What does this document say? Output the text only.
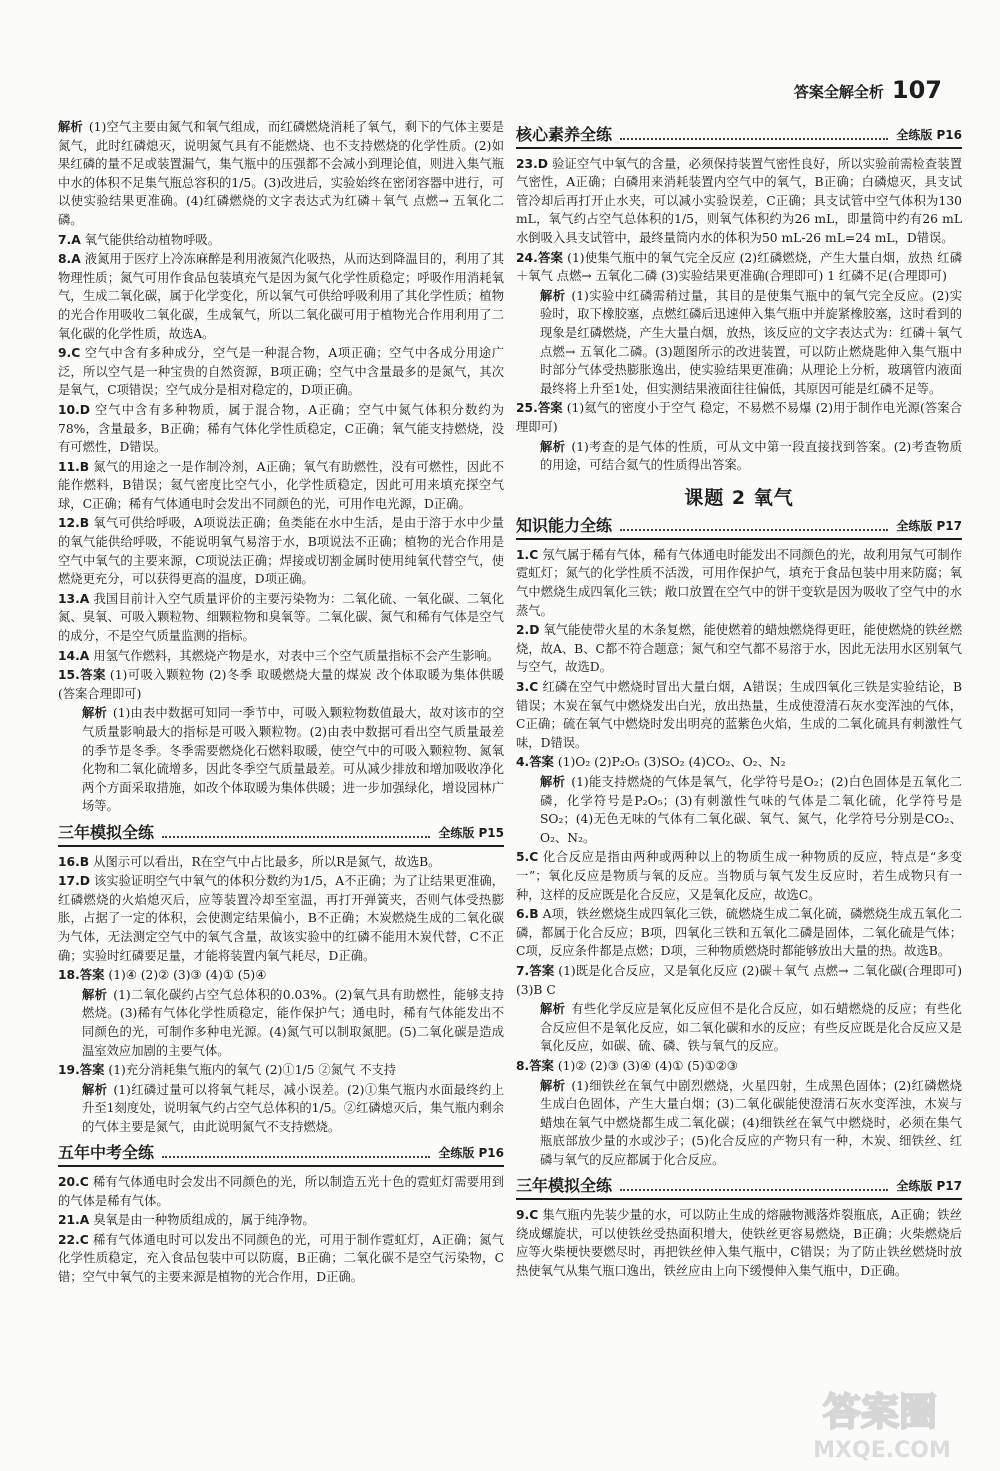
答案全解全析 107
解析 (1)空气主要由氮气和氧气组成，而红磷燃烧消耗了氧气，剩下的气体主要是氮气，此时红磷熄灭，说明氮气具有不能燃烧、也不支持燃烧的化学性质。(2)如果红磷的量不足或装置漏气，集气瓶中的压强都不会减小到理论值，则进入集气瓶中水的体积不足集气瓶总容积的1/5。(3)改进后，实验始终在密闭容器中进行，可以使实验结果更准确。(4)红磷燃烧的文字表达式为红磷＋氧气 点燃→ 五氧化二磷。
7.A 氧气能供给动植物呼吸。
8.A 液氮用于医疗上冷冻麻醉是利用液氮汽化吸热，从而达到降温目的，利用了其物理性质；氮气可用作食品包装填充气是因为氮气化学性质稳定；呼吸作用消耗氧气，生成二氧化碳，属于化学变化，所以氧气可供给呼吸利用了其化学性质；植物的光合作用吸收二氧化碳，生成氧气，所以二氧化碳可用于植物光合作用利用了二氧化碳的化学性质，故选A。
9.C 空气中含有多种成分，空气是一种混合物，A项正确；空气中各成分用途广泛，所以空气是一种宝贵的自然资源，B项正确；空气中含量最多的是氮气，其次是氧气，C项错误；空气成分是相对稳定的，D项正确。
10.D 空气中含有多种物质，属于混合物，A正确；空气中氮气体积分数约为78%，含量最多，B正确；稀有气体化学性质稳定，C正确；氧气能支持燃烧，没有可燃性，D错误。
11.B 氮气的用途之一是作制冷剂，A正确；氧气有助燃性，没有可燃性，因此不能作燃料，B错误；氦气密度比空气小，化学性质稳定，因此可用来填充探空气球，C正确；稀有气体通电时会发出不同颜色的光，可用作电光源，D正确。
12.B 氧气可供给呼吸，A项说法正确；鱼类能在水中生活，是由于溶于水中少量的氧气能供给呼吸，不能说明氧气易溶于水，B项说法不正确；植物的光合作用是空气中氧气的主要来源，C项说法正确；焊接或切割金属时使用纯氧代替空气，使燃烧更充分，可以获得更高的温度，D项正确。
13.A 我国目前计入空气质量评价的主要污染物为：二氧化硫、一氧化碳、二氧化氮、臭氧、可吸入颗粒物、细颗粒物和臭氧等。二氧化碳、氮气和稀有气体是空气的成分，不是空气质量监测的指标。
14.A 用氢气作燃料，其燃烧产物是水，对表中三个空气质量指标不会产生影响。
15.答案 (1)可吸入颗粒物 (2)冬季 取暖燃烧大量的煤炭 改个体取暖为集体供暖(答案合理即可)
解析 (1)由表中数据可知同一季节中，可吸入颗粒物数值最大，故对该市的空气质量影响最大的指标是可吸入颗粒物。(2)由表中数据可看出空气质量最差的季节是冬季。冬季需要燃烧化石燃料取暖，使空气中的可吸入颗粒物、氮氧化物和二氧化硫增多，因此冬季空气质量最差。可从减少排放和增加吸收净化两个方面采取措施，如改个体取暖为集体供暖；进一步加强绿化，增设园林广场等。
三年模拟全练	全练版 P15
16.B 从图示可以看出，R在空气中占比最多，所以R是氮气，故选B。
17.D 该实验证明空气中氧气的体积分数约为1/5，A不正确；为了让结果更准确，红磷燃烧的火焰熄灭后，应等装置冷却至室温，再打开弹簧夹，否则气体受热膨胀，占据了一定的体积，会使测定结果偏小，B不正确；木炭燃烧生成的二氧化碳为气体，无法测定空气中的氧气含量，故该实验中的红磷不能用木炭代替，C不正确；实验时红磷要足量，才能将装置内氧气耗尽，D正确。
18.答案 (1)④ (2)② (3)③ (4)① (5)④
解析 (1)二氧化碳约占空气总体积的0.03%。(2)氧气具有助燃性，能够支持燃烧。(3)稀有气体化学性质稳定，能作保护气；通电时，稀有气体能发出不同颜色的光，可制作多种电光源。(4)氮气可以制取氮肥。(5)二氧化碳是造成温室效应加剧的主要气体。
19.答案 (1)充分消耗集气瓶内的氧气 (2)①1/5 ②氮气 不支持
解析 (1)红磷过量可以将氧气耗尽，减小误差。(2)①集气瓶内水面最终约上升至1刻度处，说明氧气约占空气总体积的1/5。②红磷熄灭后，集气瓶内剩余的气体主要是氮气，由此说明氮气不支持燃烧。
五年中考全练	全练版 P16
20.C 稀有气体通电时会发出不同颜色的光，所以制造五光十色的霓虹灯需要用到的气体是稀有气体。
21.A 臭氧是由一种物质组成的，属于纯净物。
22.C 稀有气体通电时可以发出不同颜色的光，可用于制作霓虹灯，A正确；氮气化学性质稳定，充入食品包装中可以防腐，B正确；二氧化碳不是空气污染物，C错；空气中氧气的主要来源是植物的光合作用，D正确。
核心素养全练	全练版 P16
23.D 验证空气中氧气的含量，必须保持装置气密性良好，所以实验前需检查装置气密性，A正确；白磷用来消耗装置内空气中的氧气，B正确；白磷熄灭，具支试管冷却后再打开止水夹，可以减小实验误差，C正确；具支试管中空气体积为130 mL，氧气约占空气总体积的1/5，则氧气体积约为26 mL，即量筒中约有26 mL水倒吸入具支试管中，最终量筒内水的体积为50 mL-26 mL=24 mL，D错误。
24.答案 (1)使集气瓶中的氧气完全反应 (2)红磷燃烧，产生大量白烟，放热 红磷＋氧气 点燃→ 五氧化二磷 (3)实验结果更准确(合理即可) 1 红磷不足(合理即可)
解析 (1)实验中红磷需稍过量，其目的是使集气瓶中的氧气完全反应。(2)实验时，取下橡胶塞，点燃红磷后迅速伸入集气瓶中并旋紧橡胶塞，这时看到的现象是红磷燃烧，产生大量白烟，放热，该反应的文字表达式为：红磷＋氧气 点燃→ 五氧化二磷。(3)题图所示的改进装置，可以防止燃烧匙伸入集气瓶中时部分气体受热膨胀逸出，使实验结果更准确；从理论上分析，玻璃管内液面最终将上升至1处，但实测结果液面往往偏低，其原因可能是红磷不足等。
25.答案 (1)氦气的密度小于空气 稳定，不易燃不易爆 (2)用于制作电光源(答案合理即可)
解析 (1)考查的是气体的性质，可从文中第一段直接找到答案。(2)考查物质的用途，可结合氦气的性质得出答案。
课题 2 氧气
知识能力全练	全练版 P17
1.C 氖气属于稀有气体，稀有气体通电时能发出不同颜色的光，故利用氖气可制作霓虹灯；氮气的化学性质不活泼，可用作保护气，填充于食品包装中用来防腐；氧气中燃烧生成四氧化三铁；敞口放置在空气中的饼干变软是因为吸收了空气中的水蒸气。
2.D 氧气能使带火星的木条复燃，能使燃着的蜡烛燃烧得更旺，能使燃烧的铁丝燃烧，故A、B、C都不符合题意；氮气和空气都不易溶于水，因此无法用水区别氧气与空气，故选D。
3.C 红磷在空气中燃烧时冒出大量白烟，A错误；生成四氧化三铁是实验结论，B错误；木炭在氧气中燃烧发出白光，放出热量，生成使澄清石灰水变浑浊的气体，C正确；硫在氧气中燃烧时发出明亮的蓝紫色火焰，生成的二氧化硫具有刺激性气味，D错误。
4.答案 (1)O₂ (2)P₂O₅ (3)SO₂ (4)CO₂、O₂、N₂
解析 (1)能支持燃烧的气体是氧气，化学符号是O₂；(2)白色固体是五氧化二磷，化学符号是P₂O₅；(3)有刺激性气味的气体是二氧化硫，化学符号是SO₂；(4)无色无味的气体有二氧化碳、氧气、氮气，化学符号分别是CO₂、O₂、N₂。
5.C 化合反应是指由两种或两种以上的物质生成一种物质的反应，特点是“多变一”；氧化反应是物质与氧的反应。当物质与氧气发生反应时，若生成物只有一种，这样的反应既是化合反应，又是氧化反应，故选C。
6.B A项，铁丝燃烧生成四氧化三铁，硫燃烧生成二氧化硫，磷燃烧生成五氧化二磷，都属于化合反应；B项，四氧化三铁和五氧化二磷是固体，二氧化硫是气体；C项，反应条件都是点燃；D项，三种物质燃烧时都能够放出大量的热。故选B。
7.答案 (1)既是化合反应，又是氧化反应 (2)碳＋氧气 点燃→ 二氧化碳(合理即可) (3)B C
解析 有些化学反应是氧化反应但不是化合反应，如石蜡燃烧的反应；有些化合反应但不是氧化反应，如二氧化碳和水的反应；有些反应既是化合反应又是氧化反应，如碳、硫、磷、铁与氧气的反应。
8.答案 (1)② (2)③ (3)④ (4)① (5)①②③
解析 (1)细铁丝在氧气中剧烈燃烧，火星四射，生成黑色固体；(2)红磷燃烧生成白色固体，产生大量白烟；(3)二氧化碳能使澄清石灰水变浑浊，木炭与蜡烛在氧气中燃烧都生成二氧化碳；(4)细铁丝在氧气中燃烧时，必须在集气瓶底部放少量的水或沙子；(5)化合反应的产物只有一种，木炭、细铁丝、红磷与氧气的反应都属于化合反应。
三年模拟全练	全练版 P17
9.C 集气瓶内先装少量的水，可以防止生成的熔融物溅落炸裂瓶底，A正确；铁丝绕成螺旋状，可以使铁丝受热面积增大，使铁丝更容易燃烧，B正确；火柴燃烧后应等火柴梗快要燃尽时，再把铁丝伸入集气瓶中，C错误；为了防止铁丝燃烧时放热使氧气从集气瓶口逸出，铁丝应由上向下缓慢伸入集气瓶中，D正确。
答案圈
MXQE.COM
